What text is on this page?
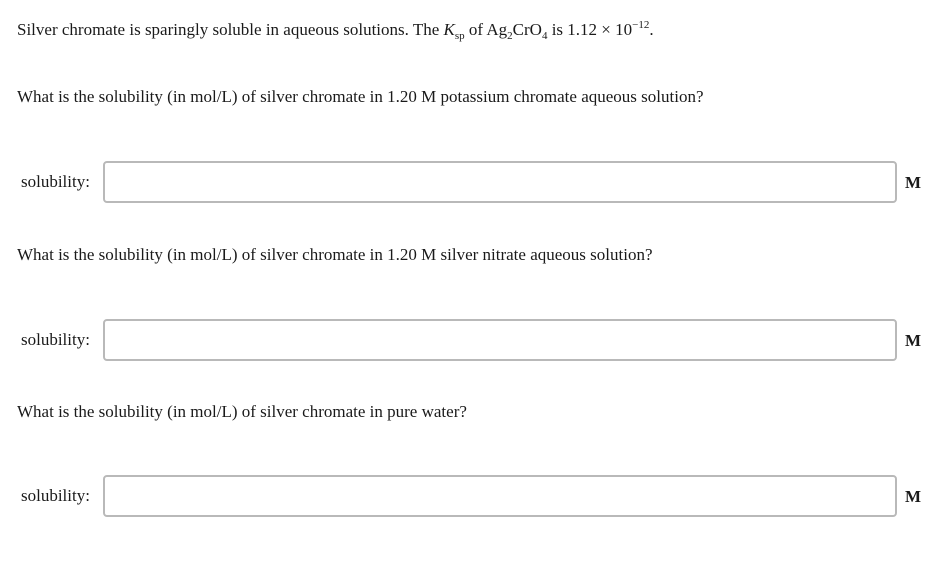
Silver chromate is sparingly soluble in aqueous solutions. The $K_{sp}$ of $Ag_2CrO_4$ is $1.12 \times 10^{-12}$.
What is the solubility (in mol/L) of silver chromate in 1.20 M potassium chromate aqueous solution?
solubility:	M
What is the solubility (in mol/L) of silver chromate in 1.20 M silver nitrate aqueous solution?
solubility:	M
What is the solubility (in mol/L) of silver chromate in pure water?
solubility:	M
